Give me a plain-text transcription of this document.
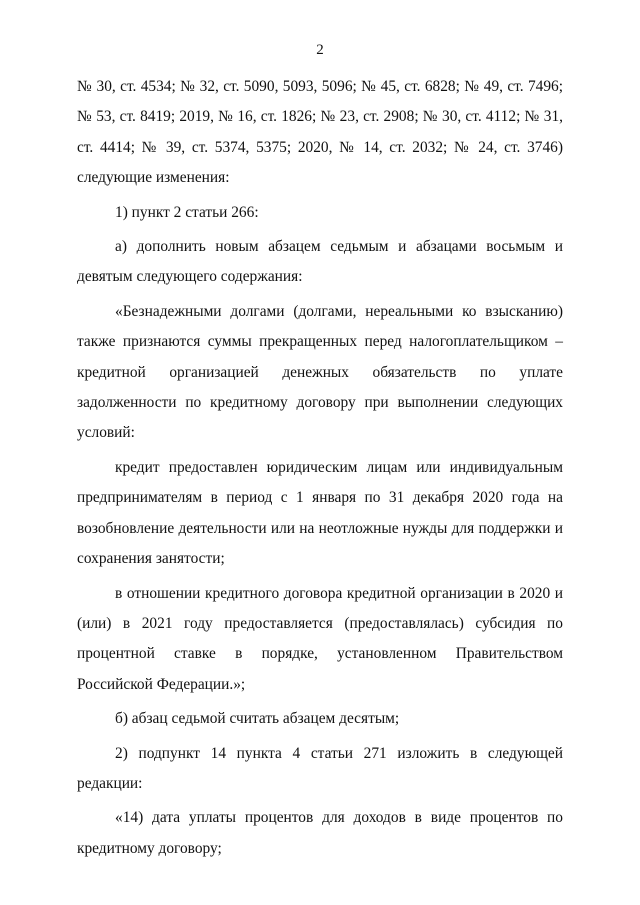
2

№ 30, ст. 4534; № 32, ст. 5090, 5093, 5096; № 45, ст. 6828; № 49, ст. 7496; № 53, ст. 8419; 2019, № 16, ст. 1826; № 23, ст. 2908; № 30, ст. 4112; № 31, ст. 4414; № 39, ст. 5374, 5375; 2020, № 14, ст. 2032; № 24, ст. 3746) следующие изменения:

1) пункт 2 статьи 266:

а) дополнить новым абзацем седьмым и абзацами восьмым и девятым следующего содержания:

«Безнадежными долгами (долгами, нереальными ко взысканию) также признаются суммы прекращенных перед налогоплательщиком – кредитной организацией денежных обязательств по уплате задолженности по кредитному договору при выполнении следующих условий:

кредит предоставлен юридическим лицам или индивидуальным предпринимателям в период с 1 января по 31 декабря 2020 года на возобновление деятельности или на неотложные нужды для поддержки и сохранения занятости;

в отношении кредитного договора кредитной организации в 2020 и (или) в 2021 году предоставляется (предоставлялась) субсидия по процентной ставке в порядке, установленном Правительством Российской Федерации.»;

б) абзац седьмой считать абзацем десятым;

2) подпункт 14 пункта 4 статьи 271 изложить в следующей редакции:

«14) дата уплаты процентов для доходов в виде процентов по кредитному договору;
